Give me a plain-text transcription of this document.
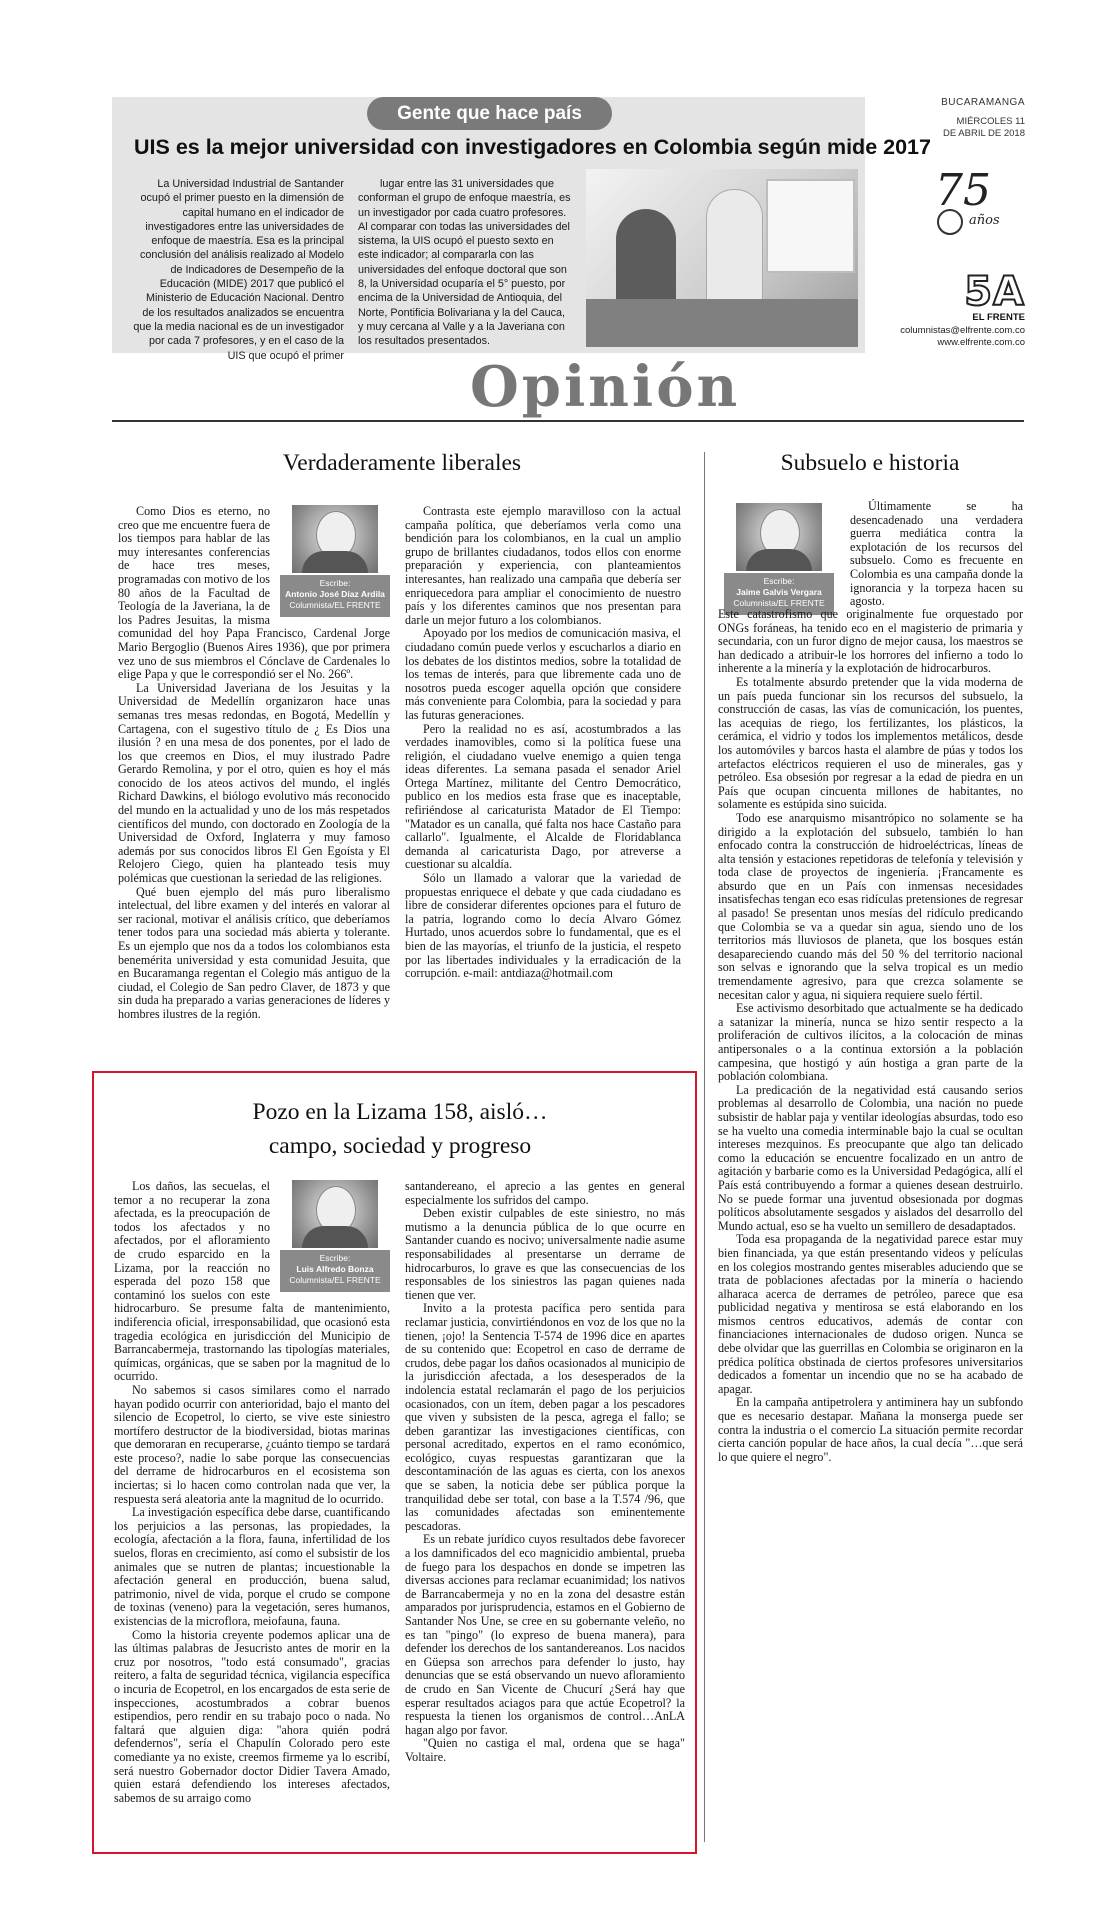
Gente que hace país
UIS es la mejor universidad con investigadores en Colombia según mide 2017

La Universidad Industrial de Santander ocupó el primer puesto en la dimensión de capital humano en el indicador de investigadores entre las universidades de enfoque de maestría. Esa es la principal conclusión del análisis realizado al Modelo de Indicadores de Desempeño de la Educación (MIDE) 2017 que publicó el Ministerio de Educación Nacional. Dentro de los resultados analizados se encuentra que la media nacional es de un investigador por cada 7 profesores, y en el caso de la UIS que ocupó el primer

lugar entre las 31 universidades que conforman el grupo de enfoque maestría, es un investigador por cada cuatro profesores. Al comparar con todas las universidades del sistema, la UIS ocupó el puesto sexto en este indicador; al compararla con las universidades del enfoque doctoral que son 8, la Universidad ocuparía el 5° puesto, por encima de la Universidad de Antioquia, del Norte, Pontificia Bolivariana y la del Cauca, y muy cercana al Valle y a la Javeriana con los resultados presentados.

BUCARAMANGA
MIÉRCOLES 11
DE ABRIL DE 2018
75
años
5A
EL FRENTE
columnistas@elfrente.com.co
www.elfrente.com.co
Opinión
Verdaderamente liberales
Escribe:
Antonio José Díaz Ardila
Columnista/EL FRENTE

Como Dios es eterno, no creo que me encuentre fuera de los tiempos para hablar de las muy interesantes conferencias de hace tres meses, programadas con motivo de los 80 años de la Facultad de Teología de la Javeriana, la de los Padres Jesuitas, la misma comunidad del hoy Papa Francisco, Cardenal Jorge Mario Bergoglio (Buenos Aires 1936), que por primera vez uno de sus miembros el Cónclave de Cardenales lo elige Papa y que le correspondió ser el No. 266º.

La Universidad Javeriana de los Jesuitas y la Universidad de Medellín organizaron hace unas semanas tres mesas redondas, en Bogotá, Medellín y Cartagena, con el sugestivo título de ¿ Es Dios una ilusión ? en una mesa de dos ponentes, por el lado de los que creemos en Dios, el muy ilustrado Padre Gerardo Remolina, y por el otro, quien es hoy el más conocido de los ateos activos del mundo, el inglés Richard Dawkins, el biólogo evolutivo más reconocido del mundo en la actualidad y uno de los más respetados científicos del mundo, con doctorado en Zoología de la Universidad de Oxford, Inglaterra y muy famoso además por sus conocidos libros El Gen Egoísta y El Relojero Ciego, quien ha planteado tesis muy polémicas que cuestionan la seriedad de las religiones.

Qué buen ejemplo del más puro liberalismo intelectual, del libre examen y del interés en valorar al ser racional, motivar el análisis crítico, que deberíamos tener todos para una sociedad más abierta y tolerante. Es un ejemplo que nos da a todos los colombianos esta benemérita universidad y esta comunidad Jesuita, que en Bucaramanga regentan el Colegio más antiguo de la ciudad, el Colegio de San pedro Claver, de 1873 y que sin duda ha preparado a varias generaciones de líderes y hombres ilustres de la región.

Contrasta este ejemplo maravilloso con la actual campaña política, que deberíamos verla como una bendición para los colombianos, en la cual un amplio grupo de brillantes ciudadanos, todos ellos con enorme preparación y experiencia, con planteamientos interesantes, han realizado una campaña que debería ser enriquecedora para ampliar el conocimiento de nuestro país y los diferentes caminos que nos presentan para darle un mejor futuro a los colombianos.

Apoyado por los medios de comunicación masiva, el ciudadano común puede verlos y escucharlos a diario en los debates de los distintos medios, sobre la totalidad de los temas de interés, para que libremente cada uno de nosotros pueda escoger aquella opción que considere más conveniente para Colombia, para la sociedad y para las futuras generaciones.

Pero la realidad no es así, acostumbrados a las verdades inamovibles, como si la política fuese una religión, el ciudadano vuelve enemigo a quien tenga ideas diferentes. La semana pasada el senador Ariel Ortega Martínez, militante del Centro Democrático, publico en los medios esta frase que es inaceptable, refiriéndose al caricaturista Matador de El Tiempo: "Matador es un canalla, qué falta nos hace Castaño para callarlo". Igualmente, el Alcalde de Floridablanca demanda al caricaturista Dago, por atreverse a cuestionar su alcaldía.

Sólo un llamado a valorar que la variedad de propuestas enriquece el debate y que cada ciudadano es libre de considerar diferentes opciones para el futuro de la patria, logrando como lo decía Alvaro Gómez Hurtado, unos acuerdos sobre lo fundamental, que es el bien de las mayorías, el triunfo de la justicia, el respeto por las libertades individuales y la erradicación de la corrupción. e-mail: antdiaza@hotmail.com

Subsuelo e historia
Escribe:
Jaime Galvis Vergara
Columnista/EL FRENTE

Últimamente se ha desencadenado una verdadera guerra mediática contra la explotación de los recursos del subsuelo. Como es frecuente en Colombia es una campaña donde la ignorancia y la torpeza hacen su agosto.

Este catastrofismo que originalmente fue orquestado por ONGs foráneas, ha tenido eco en el magisterio de primaria y secundaria, con un furor digno de mejor causa, los maestros se han dedicado a atribuir-le los horrores del infierno a todo lo inherente a la minería y la explotación de hidrocarburos.

Es totalmente absurdo pretender que la vida moderna de un país pueda funcionar sin los recursos del subsuelo, la construcción de casas, las vías de comunicación, los puentes, las acequias de riego, los fertilizantes, los plásticos, la cerámica, el vidrio y todos los implementos metálicos, desde los automóviles y barcos hasta el alambre de púas y todos los artefactos eléctricos requieren el uso de minerales, gas y petróleo. Esa obsesión por regresar a la edad de piedra en un País que ocupan cincuenta millones de habitantes, no solamente es estúpida sino suicida.

Todo ese anarquismo misantrópico no solamente se ha dirigido a la explotación del subsuelo, también lo han enfocado contra la construcción de hidroeléctricas, líneas de alta tensión y estaciones repetidoras de telefonía y televisión y toda clase de proyectos de ingeniería. ¡Francamente es absurdo que en un País con inmensas necesidades insatisfechas tengan eco esas ridículas pretensiones de regresar al pasado! Se presentan unos mesías del ridículo predicando que Colombia se va a quedar sin agua, siendo uno de los territorios más lluviosos de planeta, que los bosques están desapareciendo cuando más del 50 % del territorio nacional son selvas e ignorando que la selva tropical es un medio tremendamente agresivo, para que crezca solamente se necesitan calor y agua, ni siquiera requiere suelo fértil.

Ese activismo desorbitado que actualmente se ha dedicado a satanizar la minería, nunca se hizo sentir respecto a la proliferación de cultivos ilícitos, a la colocación de minas antipersonales o a la continua extorsión a la población campesina, que hostigó y aún hostiga a gran parte de la población colombiana.

La predicación de la negatividad está causando serios problemas al desarrollo de Colombia, una nación no puede subsistir de hablar paja y ventilar ideologías absurdas, todo eso se ha vuelto una comedia interminable bajo la cual se ocultan intereses mezquinos. Es preocupante que algo tan delicado como la educación se encuentre focalizado en un antro de agitación y barbarie como es la Universidad Pedagógica, allí el País está contribuyendo a formar a quienes desean destruirlo. No se puede formar una juventud obsesionada por dogmas políticos absolutamente sesgados y aislados del desarrollo del Mundo actual, eso se ha vuelto un semillero de desadaptados.

Toda esa propaganda de la negatividad parece estar muy bien financiada, ya que están presentando videos y películas en los colegios mostrando gentes miserables aduciendo que se trata de poblaciones afectadas por la minería o haciendo alharaca acerca de derrames de petróleo, parece que esa publicidad negativa y mentirosa se está elaborando en los mismos centros educativos, además de contar con financiaciones internacionales de dudoso origen. Nunca se debe olvidar que las guerrillas en Colombia se originaron en la prédica política obstinada de ciertos profesores universitarios dedicados a fomentar un incendio que no se ha acabado de apagar.

En la campaña antipetrolera y antiminera hay un subfondo que es necesario destapar. Mañana la monserga puede ser contra la industria o el comercio La situación permite recordar cierta canción popular de hace años, la cual decía "…que será lo que quiere el negro".

Pozo en la Lizama 158, aisló…
campo, sociedad y progreso
Escribe:
Luis Alfredo Bonza
Columnista/EL FRENTE

Los daños, las secuelas, el temor a no recuperar la zona afectada, es la preocupación de todos los afectados y no afectados, por el afloramiento de crudo esparcido en la Lizama, por la reacción no esperada del pozo 158 que contaminó los suelos con este hidrocarburo. Se presume falta de mantenimiento, indiferencia oficial, irresponsabilidad, que ocasionó esta tragedia ecológica en jurisdicción del Municipio de Barrancabermeja, trastornando las tipologías materiales, químicas, orgánicas, que se saben por la magnitud de lo ocurrido.

No sabemos si casos similares como el narrado hayan podido ocurrir con anterioridad, bajo el manto del silencio de Ecopetrol, lo cierto, se vive este siniestro mortífero destructor de la biodiversidad, biotas marinas que demoraran en recuperarse, ¿cuánto tiempo se tardará este proceso?, nadie lo sabe porque las consecuencias del derrame de hidrocarburos en el ecosistema son inciertas; si lo hacen como controlan nada que ver, la respuesta será aleatoria ante la magnitud de lo ocurrido.

La investigación específica debe darse, cuantificando los perjuicios a las personas, las propiedades, la ecología, afectación a la flora, fauna, infertilidad de los suelos, floras en crecimiento, así como el subsistir de los animales que se nutren de plantas; incuestionable la afectación general en producción, buena salud, patrimonio, nivel de vida, porque el crudo se compone de toxinas (veneno) para la vegetación, seres humanos, existencias de la microflora, meiofauna, fauna.

Como la historia creyente podemos aplicar una de las últimas palabras de Jesucristo antes de morir en la cruz por nosotros, "todo está consumado", gracias reitero, a falta de seguridad técnica, vigilancia específica o incuria de Ecopetrol, en los encargados de esta serie de inspecciones, acostumbrados a cobrar buenos estipendios, pero rendir en su trabajo poco o nada. No faltará que alguien diga: "ahora quién podrá defendernos", sería el Chapulín Colorado pero este comediante ya no existe, creemos firmeme ya lo escribí, será nuestro Gobernador doctor Didier Tavera Amado, quien estará defendiendo los intereses afectados, sabemos de su arraigo como

santandereano, el aprecio a las gentes en general especialmente los sufridos del campo.

Deben existir culpables de este siniestro, no más mutismo a la denuncia pública de lo que ocurre en Santander cuando es nocivo; universalmente nadie asume responsabilidades al presentarse un derrame de hidrocarburos, lo grave es que las consecuencias de los responsables de los siniestros las pagan quienes nada tienen que ver.

Invito a la protesta pacífica pero sentida para reclamar justicia, convirtiéndonos en voz de los que no la tienen, ¡ojo! la Sentencia T-574 de 1996 dice en apartes de su contenido que: Ecopetrol en caso de derrame de crudos, debe pagar los daños ocasionados al municipio de la jurisdicción afectada, a los desesperados de la indolencia estatal reclamarán el pago de los perjuicios ocasionados, con un ítem, deben pagar a los pescadores que viven y subsisten de la pesca, agrega el fallo; se deben garantizar las investigaciones científicas, con personal acreditado, expertos en el ramo económico, ecológico, cuyas respuestas garantizaran que la descontaminación de las aguas es cierta, con los anexos que se saben, la noticia debe ser pública porque la tranquilidad debe ser total, con base a la T.574 /96, que las comunidades afectadas son eminentemente pescadoras.

Es un rebate jurídico cuyos resultados debe favorecer a los damnificados del eco magnicidio ambiental, prueba de fuego para los despachos en donde se impetren las diversas acciones para reclamar ecuanimidad; los nativos de Barrancabermeja y no en la zona del desastre están amparados por jurisprudencia, estamos en el Gobierno de Santander Nos Une, se cree en su gobernante veleño, no es tan "pingo" (lo expreso de buena manera), para defender los derechos de los santandereanos. Los nacidos en Güepsa son arrechos para defender lo justo, hay denuncias que se está observando un nuevo afloramiento de crudo en San Vicente de Chucurí ¿Será hay que esperar resultados aciagos para que actúe Ecopetrol? la respuesta la tienen los organismos de control…AnLA hagan algo por favor.

"Quien no castiga el mal, ordena que se haga" Voltaire.
